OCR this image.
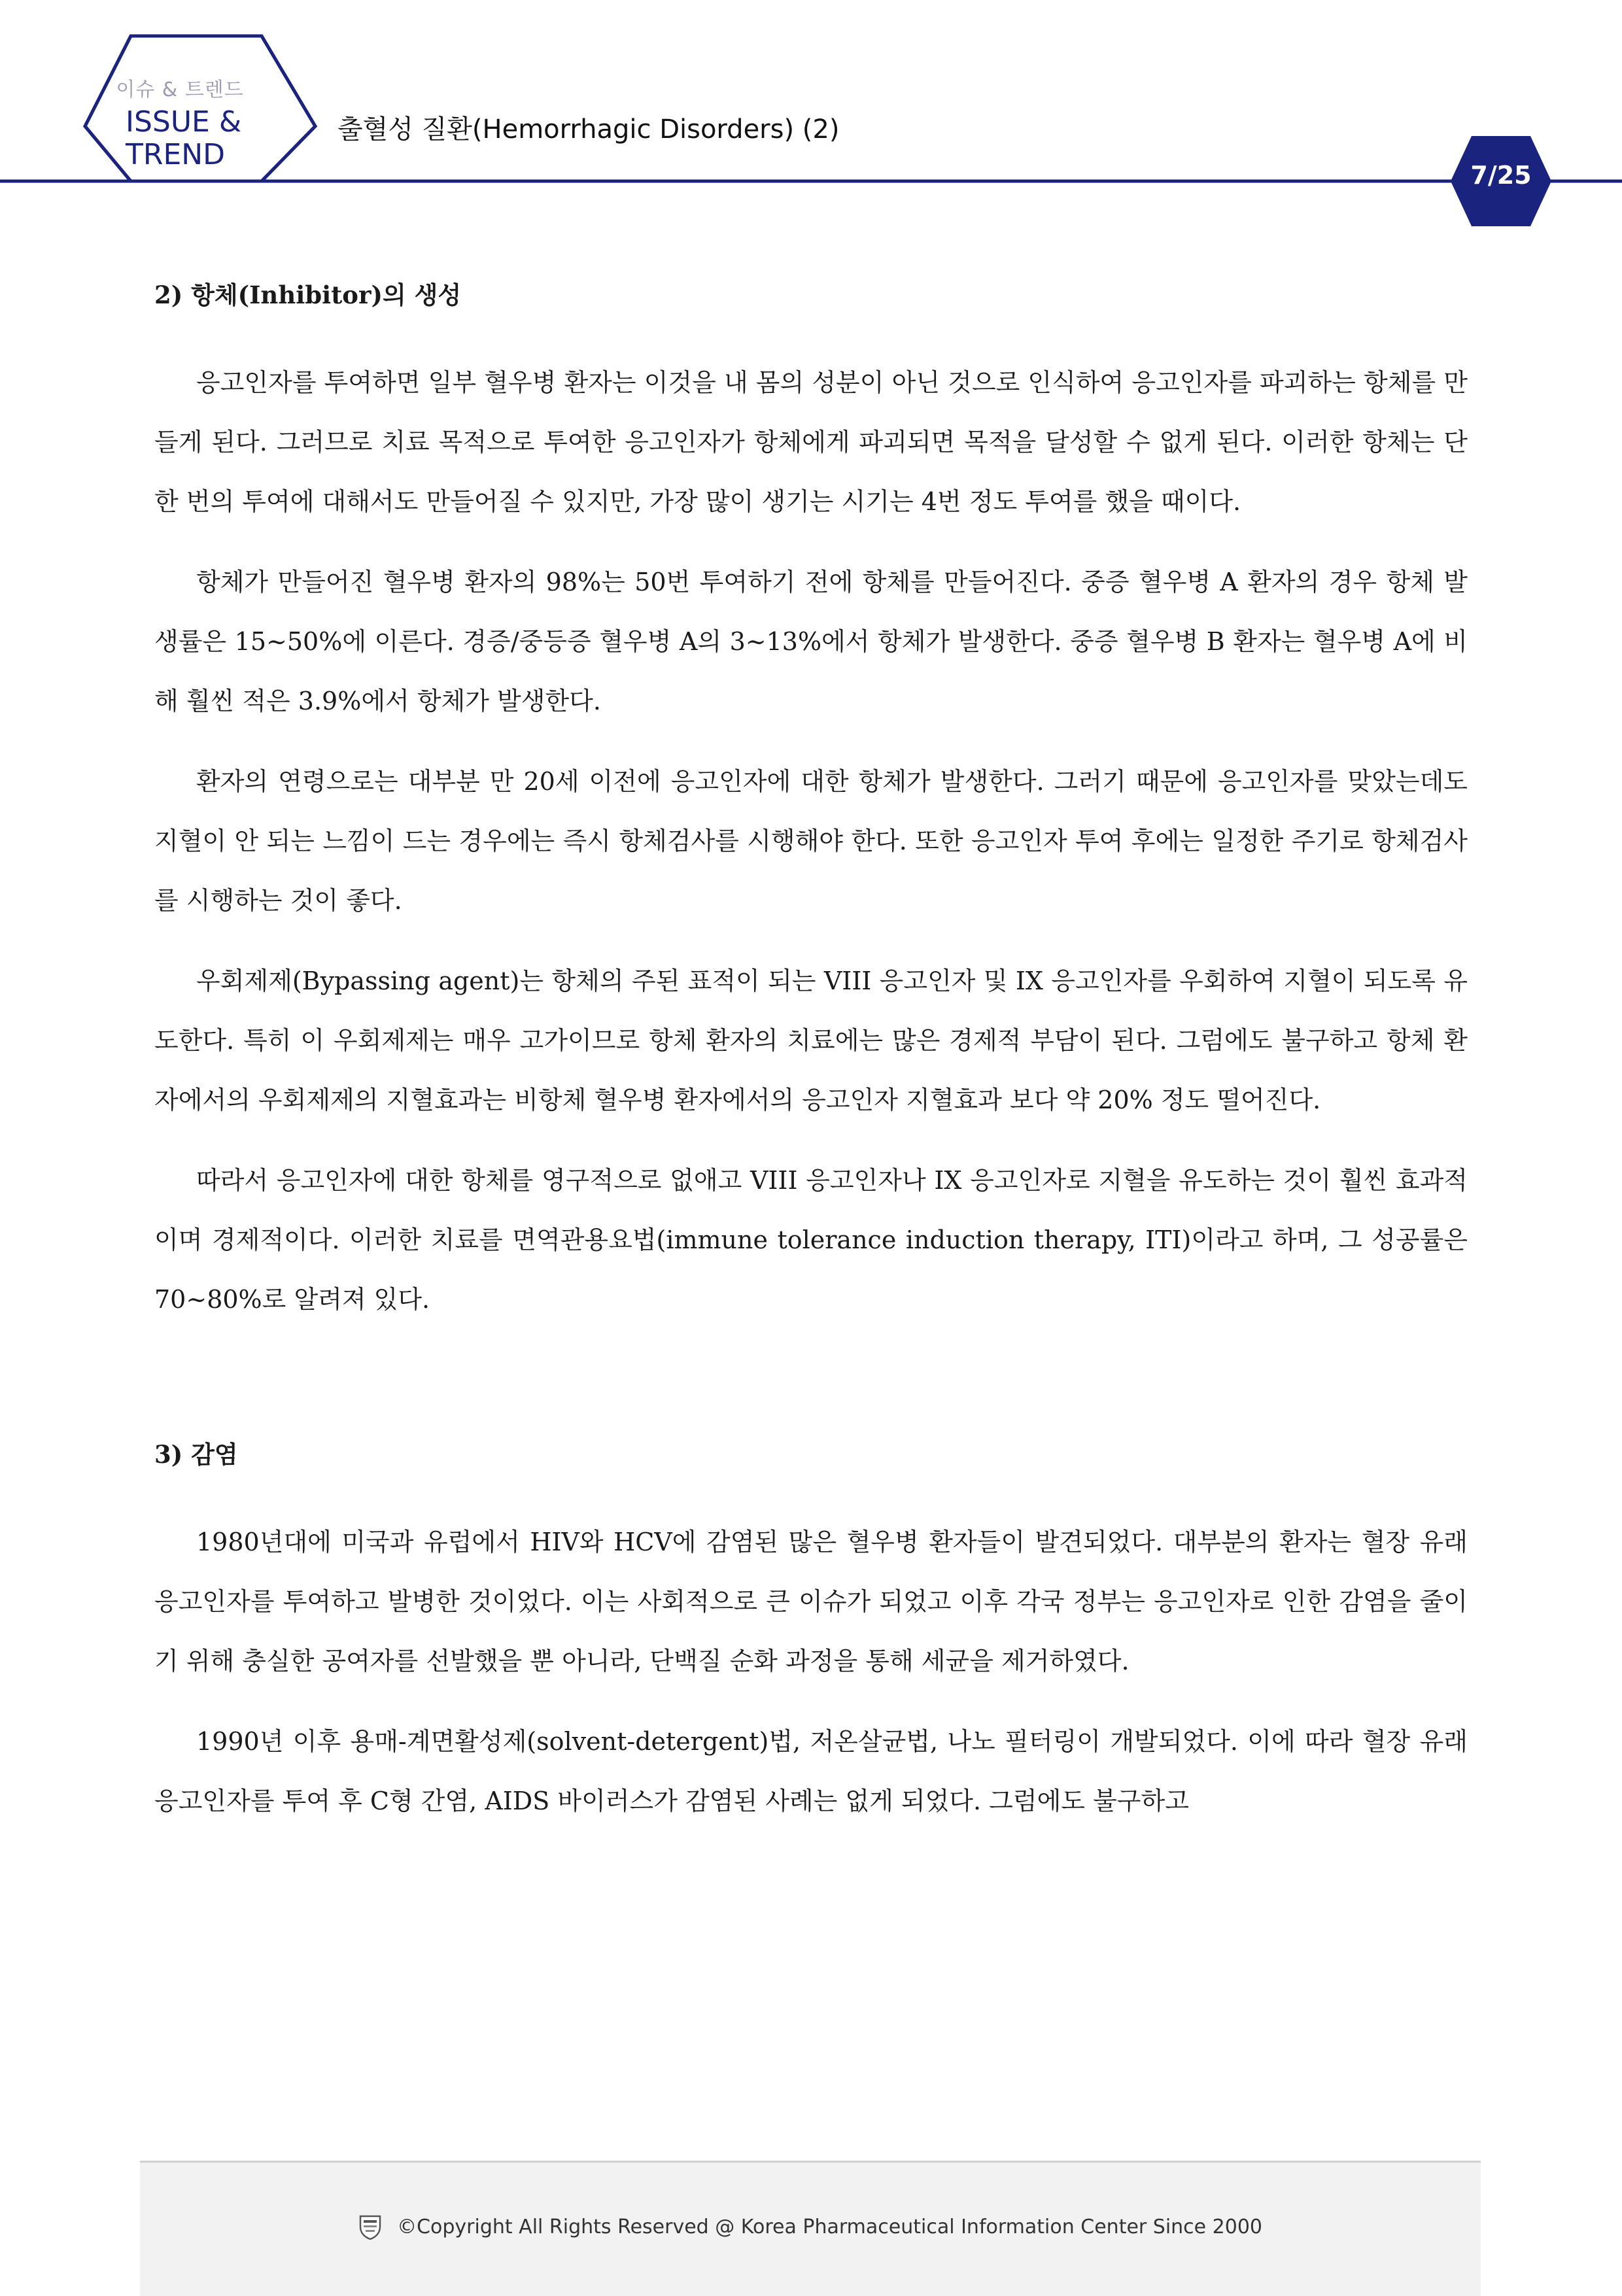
이슈 & 트렌드
ISSUE &
TREND
출혈성 질환(Hemorrhagic Disorders) (2)
7/25
2) 항체(Inhibitor)의 생성

응고인자를 투여하면 일부 혈우병 환자는 이것을 내 몸의 성분이 아닌 것으로 인식하여 응고인자를 파괴하는 항체를 만들게 된다. 그러므로 치료 목적으로 투여한 응고인자가 항체에게 파괴되면 목적을 달성할 수 없게 된다. 이러한 항체는 단 한 번의 투여에 대해서도 만들어질 수 있지만, 가장 많이 생기는 시기는 4번 정도 투여를 했을 때이다.

항체가 만들어진 혈우병 환자의 98%는 50번 투여하기 전에 항체를 만들어진다. 중증 혈우병 A 환자의 경우 항체 발생률은 15~50%에 이른다. 경증/중등증 혈우병 A의 3~13%에서 항체가 발생한다. 중증 혈우병 B 환자는 혈우병 A에 비해 훨씬 적은 3.9%에서 항체가 발생한다.

환자의 연령으로는 대부분 만 20세 이전에 응고인자에 대한 항체가 발생한다. 그러기 때문에 응고인자를 맞았는데도 지혈이 안 되는 느낌이 드는 경우에는 즉시 항체검사를 시행해야 한다. 또한 응고인자 투여 후에는 일정한 주기로 항체검사를 시행하는 것이 좋다.

우회제제(Bypassing agent)는 항체의 주된 표적이 되는 VIII 응고인자 및 IX 응고인자를 우회하여 지혈이 되도록 유도한다. 특히 이 우회제제는 매우 고가이므로 항체 환자의 치료에는 많은 경제적 부담이 된다. 그럼에도 불구하고 항체 환자에서의 우회제제의 지혈효과는 비항체 혈우병 환자에서의 응고인자 지혈효과 보다 약 20% 정도 떨어진다.

따라서 응고인자에 대한 항체를 영구적으로 없애고 VIII 응고인자나 IX 응고인자로 지혈을 유도하는 것이 훨씬 효과적이며 경제적이다. 이러한 치료를 면역관용요법(immune tolerance induction therapy, ITI)이라고 하며, 그 성공률은 70~80%로 알려져 있다.

3) 감염

1980년대에 미국과 유럽에서 HIV와 HCV에 감염된 많은 혈우병 환자들이 발견되었다. 대부분의 환자는 혈장 유래 응고인자를 투여하고 발병한 것이었다. 이는 사회적으로 큰 이슈가 되었고 이후 각국 정부는 응고인자로 인한 감염을 줄이기 위해 충실한 공여자를 선발했을 뿐 아니라, 단백질 순화 과정을 통해 세균을 제거하였다.

1990년 이후 용매-계면활성제(solvent-detergent)법, 저온살균법, 나노 필터링이 개발되었다. 이에 따라 혈장 유래 응고인자를 투여 후 C형 간염, AIDS 바이러스가 감염된 사례는 없게 되었다. 그럼에도 불구하고

©Copyright All Rights Reserved @ Korea Pharmaceutical Information Center Since 2000
